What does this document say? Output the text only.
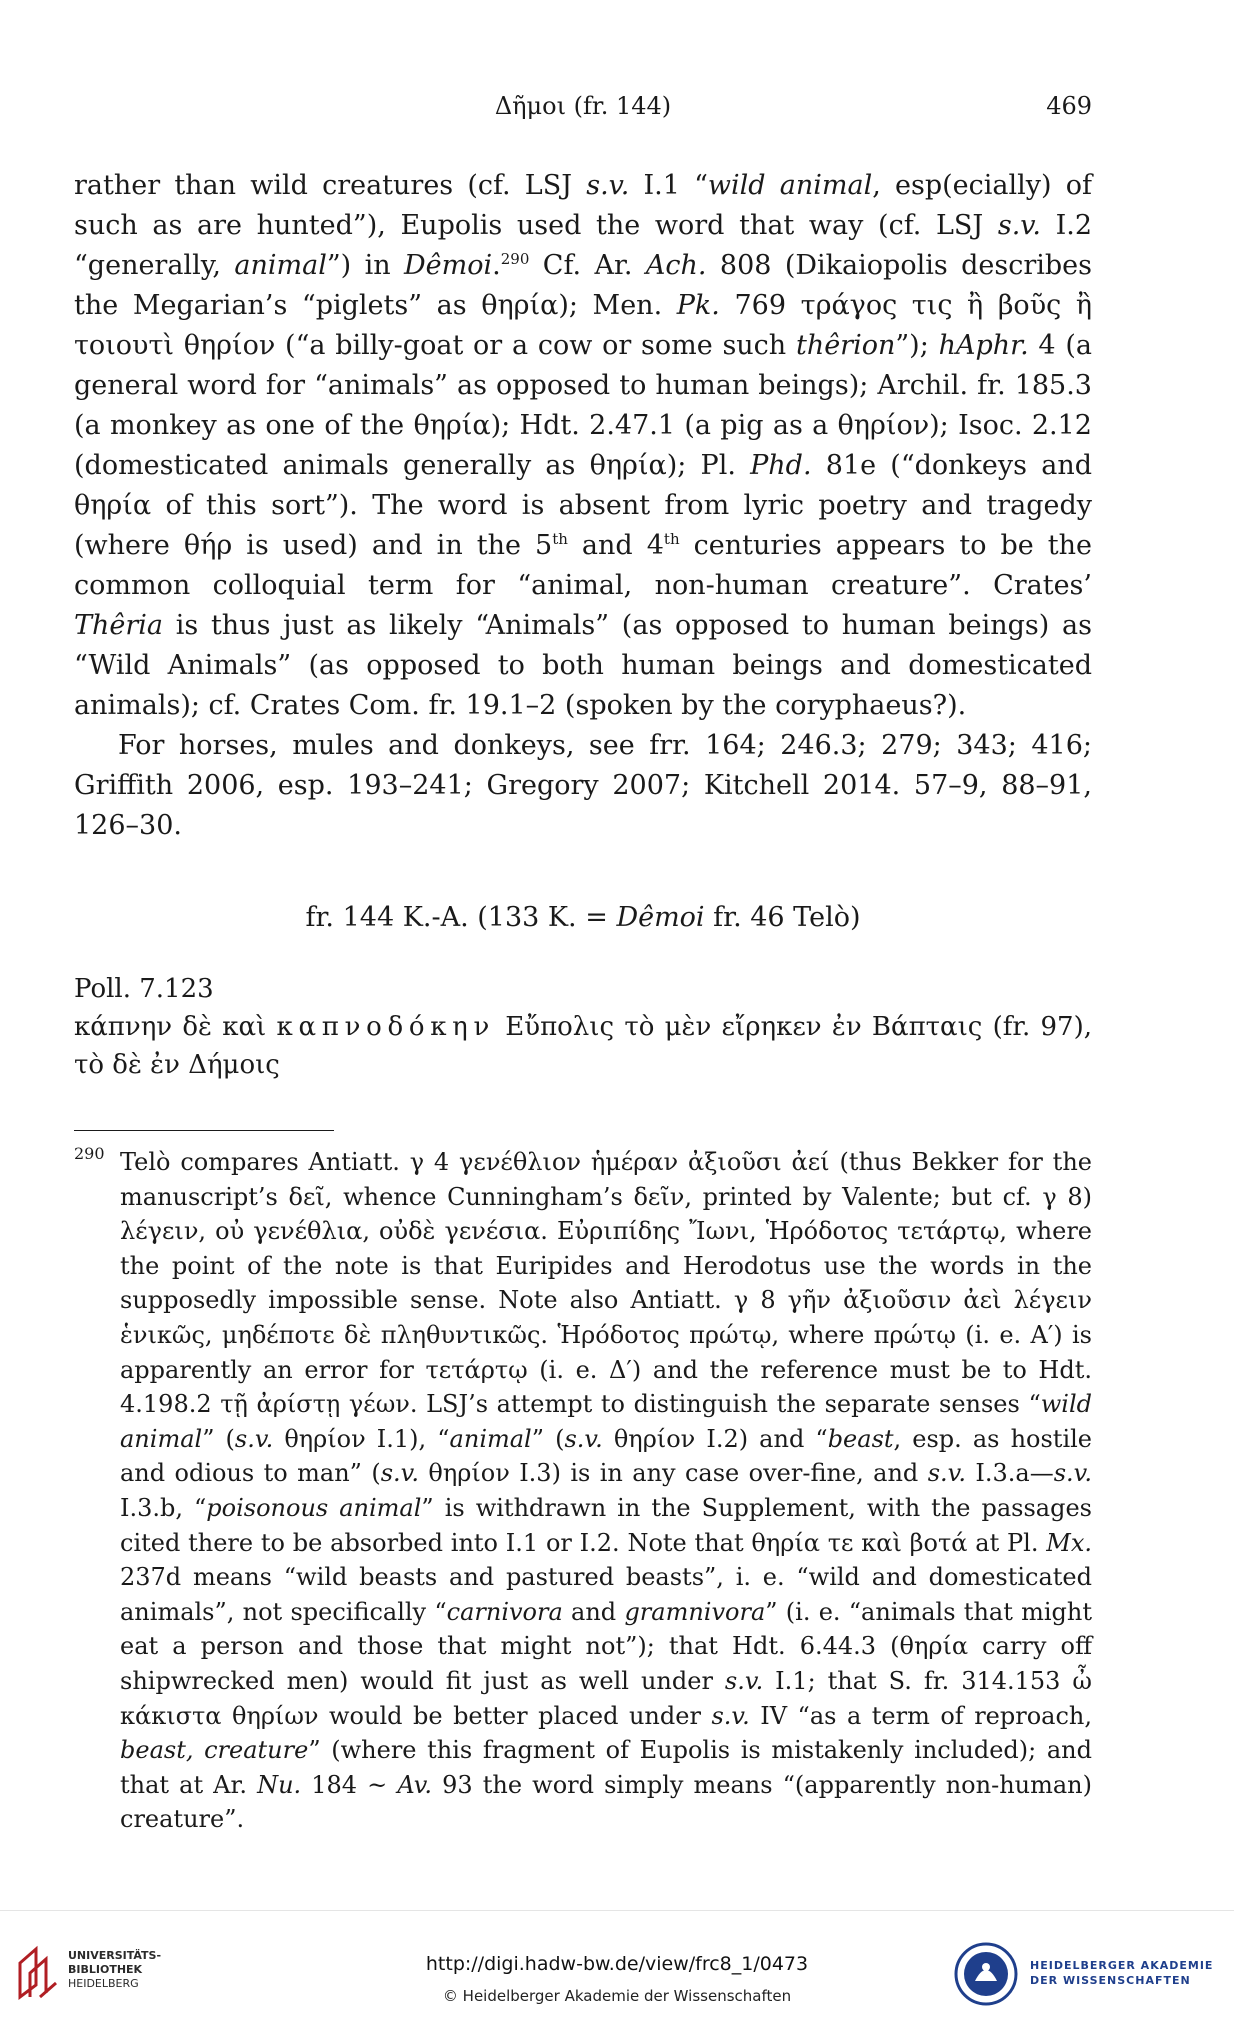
Δῆμοι (fr. 144)	469

rather than wild creatures (cf. LSJ s.v. I.1 “wild animal, esp(ecially) of such as are hunted”), Eupolis used the word that way (cf. LSJ s.v. I.2 “generally, animal”) in Dêmoi.$^{290}$ Cf. Ar. Ach. 808 (Dikaiopolis describes the Megarian’s “piglets” as θηρία); Men. Pk. 769 τράγος τις ἢ βοῦς ἢ τοιουτὶ θηρίον (“a billy-goat or a cow or some such thêrion”); hAphr. 4 (a general word for “animals” as opposed to human beings); Archil. fr. 185.3 (a monkey as one of the θηρία); Hdt. 2.47.1 (a pig as a θηρίον); Isoc. 2.12 (domesticated animals generally as θηρία); Pl. Phd. 81e (“donkeys and θηρία of this sort”). The word is absent from lyric poetry and tragedy (where θήρ is used) and in the 5th and 4th centuries appears to be the common colloquial term for “animal, non-human creature”. Crates’ Thêria is thus just as likely “Animals” (as opposed to human beings) as “Wild Animals” (as opposed to both human beings and domesticated animals); cf. Crates Com. fr. 19.1–2 (spoken by the coryphaeus?).

For horses, mules and donkeys, see frr. 164; 246.3; 279; 343; 416; Griffith 2006, esp. 193–241; Gregory 2007; Kitchell 2014. 57–9, 88–91, 126–30.

fr. 144 K.-A. (133 K. = Dêmoi fr. 46 Telò)

Poll. 7.123

κάπνην δὲ καὶ καπνοδόκην Εὔπολις τὸ μὲν εἴρηκεν ἐν Βάπταις (fr. 97), τὸ δὲ ἐν Δήμοις

290 Telò compares Antiatt. γ 4 γενέθλιον ἡμέραν ἀξιοῦσι ἀεί (thus Bekker for the manuscript’s δεῖ, whence Cunningham’s δεῖν, printed by Valente; but cf. γ 8) λέγειν, οὐ γενέθλια, οὐδὲ γενέσια. Εὐριπίδης Ἴωνι, Ἡρόδοτος τετάρτῳ, where the point of the note is that Euripides and Herodotus use the words in the supposedly impossible sense. Note also Antiatt. γ 8 γῆν ἀξιοῦσιν ἀεὶ λέγειν ἑνικῶς, μηδέποτε δὲ πληθυντικῶς. Ἡρόδοτος πρώτῳ, where πρώτῳ (i. e. Α′) is apparently an error for τετάρτῳ (i. e. Δ′) and the reference must be to Hdt. 4.198.2 τῇ ἀρίστῃ γέων. LSJ’s attempt to distinguish the separate senses “wild animal” (s.v. θηρίον I.1), “animal” (s.v. θηρίον I.2) and “beast, esp. as hostile and odious to man” (s.v. θηρίον I.3) is in any case over-fine, and s.v. I.3.a—s.v. I.3.b, “poisonous animal” is withdrawn in the Supplement, with the passages cited there to be absorbed into I.1 or I.2. Note that θηρία τε καὶ βοτά at Pl. Mx. 237d means “wild beasts and pastured beasts”, i. e. “wild and domesticated animals”, not specifically “carnivora and gramnivora” (i. e. “animals that might eat a person and those that might not”); that Hdt. 6.44.3 (θηρία carry off shipwrecked men) would fit just as well under s.v. I.1; that S. fr. 314.153 ὦ κάκιστα θηρίων would be better placed under s.v. IV “as a term of reproach, beast, creature” (where this fragment of Eupolis is mistakenly included); and that at Ar. Nu. 184 ~ Av. 93 the word simply means “(apparently non-human) creature”.
UNIVERSITÄTS-
BIBLIOTHEK
HEIDELBERG
http://digi.hadw-bw.de/view/frc8_1/0473
© Heidelberger Akademie der Wissenschaften
HEIDELBERGER AKADEMIE
DER WISSENSCHAFTEN
